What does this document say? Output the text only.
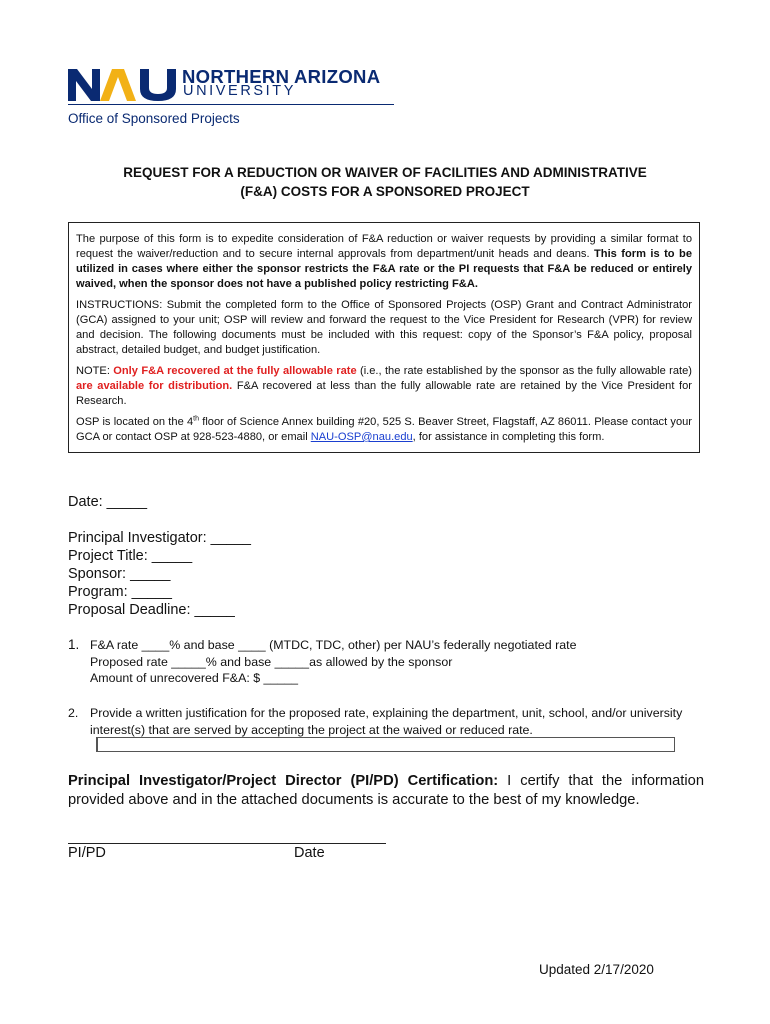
NORTHERN ARIZONA
UNIVERSITY
Office of Sponsored Projects
REQUEST FOR A REDUCTION OR WAIVER OF FACILITIES AND ADMINISTRATIVE
(F&A) COSTS FOR A SPONSORED PROJECT

The purpose of this form is to expedite consideration of F&A reduction or waiver requests by providing a similar format to request the waiver/reduction and to secure internal approvals from department/unit heads and deans. This form is to be utilized in cases where either the sponsor restricts the F&A rate or the PI requests that F&A be reduced or entirely waived, when the sponsor does not have a published policy restricting F&A.

INSTRUCTIONS: Submit the completed form to the Office of Sponsored Projects (OSP) Grant and Contract Administrator (GCA) assigned to your unit; OSP will review and forward the request to the Vice President for Research (VPR) for review and decision. The following documents must be included with this request: copy of the Sponsor’s F&A policy, proposal abstract, detailed budget, and budget justification.

NOTE: Only F&A recovered at the fully allowable rate (i.e., the rate established by the sponsor as the fully allowable rate) are available for distribution. F&A recovered at less than the fully allowable rate are retained by the Vice President for Research.

OSP is located on the 4th floor of Science Annex building #20, 525 S. Beaver Street, Flagstaff, AZ 86011. Please contact your GCA or contact OSP at 928-523-4880, or email NAU-OSP@nau.edu, for assistance in completing this form.

Date: _____
Principal Investigator: _____
Project Title: _____
Sponsor: _____
Program: _____
Proposal Deadline: _____
1. F&A rate ____% and base ____ (MTDC, TDC, other) per NAU’s federally negotiated rate
Proposed rate _____% and base _____as allowed by the sponsor
Amount of unrecovered F&A: $ _____
2. Provide a written justification for the proposed rate, explaining the department, unit, school, and/or university interest(s) that are served by accepting the project at the waived or reduced rate.

Principal Investigator/Project Director (PI/PD) Certification: I certify that the information provided above and in the attached documents is accurate to the best of my knowledge.

PI/PD	Date
Updated 2/17/2020
